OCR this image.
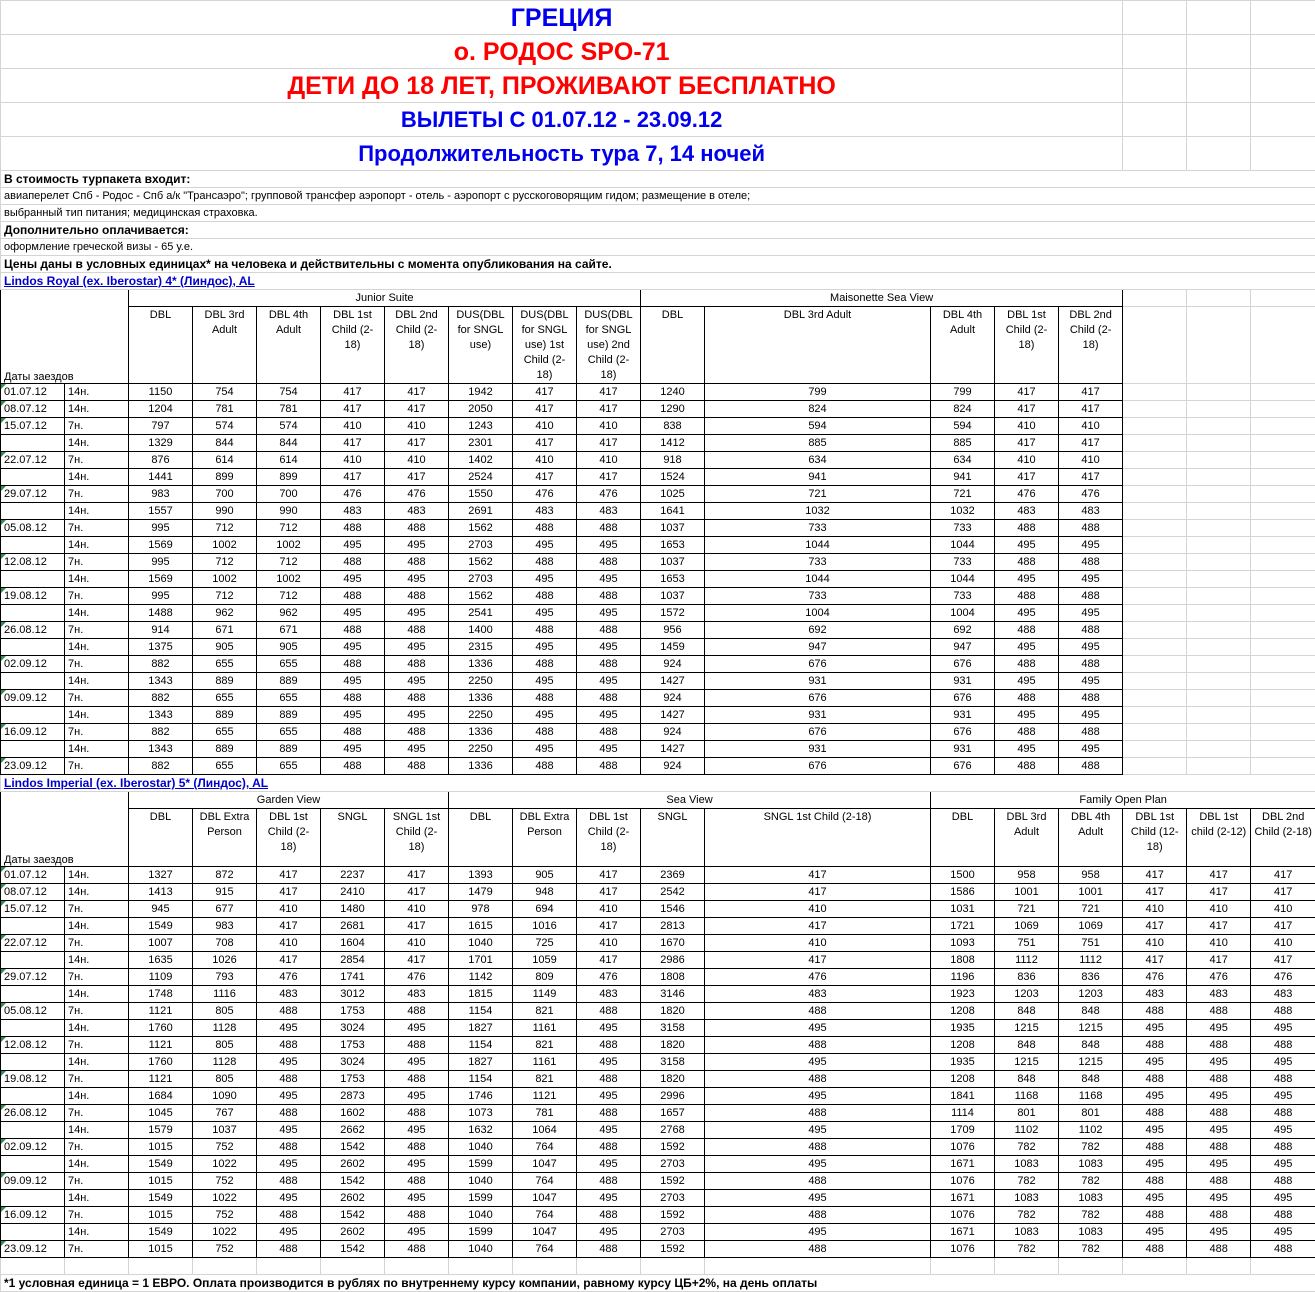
ГРЕЦИЯ																	
о. РОДОС SPO-71																	
ДЕТИ ДО 18 ЛЕТ, ПРОЖИВАЮТ БЕСПЛАТНО																	
ВЫЛЕТЫ С 01.07.12 - 23.09.12																	
Продолжительность тура 7, 14 ночей																	
В стоимость турпакета входит:																	
авиаперелет Спб - Родос - Спб а/к "Трансаэро"; групповой трансфер аэропорт - отель - аэропорт с русскоговорящим гидом; размещение в отеле;																	
выбранный тип питания; медицинская страховка.																	
Дополнительно оплачивается:																	
оформление греческой визы - 65 у.е.																	
Цены даны в условных единицах* на человека и действительны с момента опубликования на сайте.																	
Lindos Royal (ex. Iberostar) 4* (Линдос), AL																	
Даты заездов		Junior Suite								Maisonette Sea View							
		DBL	DBL 3rd Adult	DBL 4th Adult	DBL 1st Child (2-18)	DBL 2nd Child (2-18)	DUS(DBL for SNGL use)	DUS(DBL for SNGL use) 1st Child (2-18)	DUS(DBL for SNGL use) 2nd Child (2-18)	DBL	DBL 3rd Adult	DBL 4th Adult	DBL 1st Child (2-18)	DBL 2nd Child (2-18)			
01.07.12	14н.	1150	754	754	417	417	1942	417	417	1240	799	799	417	417			
08.07.12	14н.	1204	781	781	417	417	2050	417	417	1290	824	824	417	417			
15.07.12	7н.	797	574	574	410	410	1243	410	410	838	594	594	410	410			
	14н.	1329	844	844	417	417	2301	417	417	1412	885	885	417	417			
22.07.12	7н.	876	614	614	410	410	1402	410	410	918	634	634	410	410			
	14н.	1441	899	899	417	417	2524	417	417	1524	941	941	417	417			
29.07.12	7н.	983	700	700	476	476	1550	476	476	1025	721	721	476	476			
	14н.	1557	990	990	483	483	2691	483	483	1641	1032	1032	483	483			
05.08.12	7н.	995	712	712	488	488	1562	488	488	1037	733	733	488	488			
	14н.	1569	1002	1002	495	495	2703	495	495	1653	1044	1044	495	495			
12.08.12	7н.	995	712	712	488	488	1562	488	488	1037	733	733	488	488			
	14н.	1569	1002	1002	495	495	2703	495	495	1653	1044	1044	495	495			
19.08.12	7н.	995	712	712	488	488	1562	488	488	1037	733	733	488	488			
	14н.	1488	962	962	495	495	2541	495	495	1572	1004	1004	495	495			
26.08.12	7н.	914	671	671	488	488	1400	488	488	956	692	692	488	488			
	14н.	1375	905	905	495	495	2315	495	495	1459	947	947	495	495			
02.09.12	7н.	882	655	655	488	488	1336	488	488	924	676	676	488	488			
	14н.	1343	889	889	495	495	2250	495	495	1427	931	931	495	495			
09.09.12	7н.	882	655	655	488	488	1336	488	488	924	676	676	488	488			
	14н.	1343	889	889	495	495	2250	495	495	1427	931	931	495	495			
16.09.12	7н.	882	655	655	488	488	1336	488	488	924	676	676	488	488			
	14н.	1343	889	889	495	495	2250	495	495	1427	931	931	495	495			
23.09.12	7н.	882	655	655	488	488	1336	488	488	924	676	676	488	488			
Lindos Imperial (ex. Iberostar) 5* (Линдос), AL																	
Даты заездов		Garden View					Sea View					Family Open Plan					
		DBL	DBL Extra Person	DBL 1st Child (2-18)	SNGL	SNGL 1st Child (2-18)	DBL	DBL Extra Person	DBL 1st Child (2-18)	SNGL	SNGL 1st Child (2-18)	DBL	DBL 3rd Adult	DBL 4th Adult	DBL 1st Child (12-18)	DBL 1st child (2-12)	DBL 2nd Child (2-18)
01.07.12	14н.	1327	872	417	2237	417	1393	905	417	2369	417	1500	958	958	417	417	417
08.07.12	14н.	1413	915	417	2410	417	1479	948	417	2542	417	1586	1001	1001	417	417	417
15.07.12	7н.	945	677	410	1480	410	978	694	410	1546	410	1031	721	721	410	410	410
	14н.	1549	983	417	2681	417	1615	1016	417	2813	417	1721	1069	1069	417	417	417
22.07.12	7н.	1007	708	410	1604	410	1040	725	410	1670	410	1093	751	751	410	410	410
	14н.	1635	1026	417	2854	417	1701	1059	417	2986	417	1808	1112	1112	417	417	417
29.07.12	7н.	1109	793	476	1741	476	1142	809	476	1808	476	1196	836	836	476	476	476
	14н.	1748	1116	483	3012	483	1815	1149	483	3146	483	1923	1203	1203	483	483	483
05.08.12	7н.	1121	805	488	1753	488	1154	821	488	1820	488	1208	848	848	488	488	488
	14н.	1760	1128	495	3024	495	1827	1161	495	3158	495	1935	1215	1215	495	495	495
12.08.12	7н.	1121	805	488	1753	488	1154	821	488	1820	488	1208	848	848	488	488	488
	14н.	1760	1128	495	3024	495	1827	1161	495	3158	495	1935	1215	1215	495	495	495
19.08.12	7н.	1121	805	488	1753	488	1154	821	488	1820	488	1208	848	848	488	488	488
	14н.	1684	1090	495	2873	495	1746	1121	495	2996	495	1841	1168	1168	495	495	495
26.08.12	7н.	1045	767	488	1602	488	1073	781	488	1657	488	1114	801	801	488	488	488
	14н.	1579	1037	495	2662	495	1632	1064	495	2768	495	1709	1102	1102	495	495	495
02.09.12	7н.	1015	752	488	1542	488	1040	764	488	1592	488	1076	782	782	488	488	488
	14н.	1549	1022	495	2602	495	1599	1047	495	2703	495	1671	1083	1083	495	495	495
09.09.12	7н.	1015	752	488	1542	488	1040	764	488	1592	488	1076	782	782	488	488	488
	14н.	1549	1022	495	2602	495	1599	1047	495	2703	495	1671	1083	1083	495	495	495
16.09.12	7н.	1015	752	488	1542	488	1040	764	488	1592	488	1076	782	782	488	488	488
	14н.	1549	1022	495	2602	495	1599	1047	495	2703	495	1671	1083	1083	495	495	495
23.09.12	7н.	1015	752	488	1542	488	1040	764	488	1592	488	1076	782	782	488	488	488

*1 условная единица = 1 ЕВРО. Оплата производится в рублях по внутреннему курсу компании, равному курсу ЦБ+2%, на день оплаты																	
